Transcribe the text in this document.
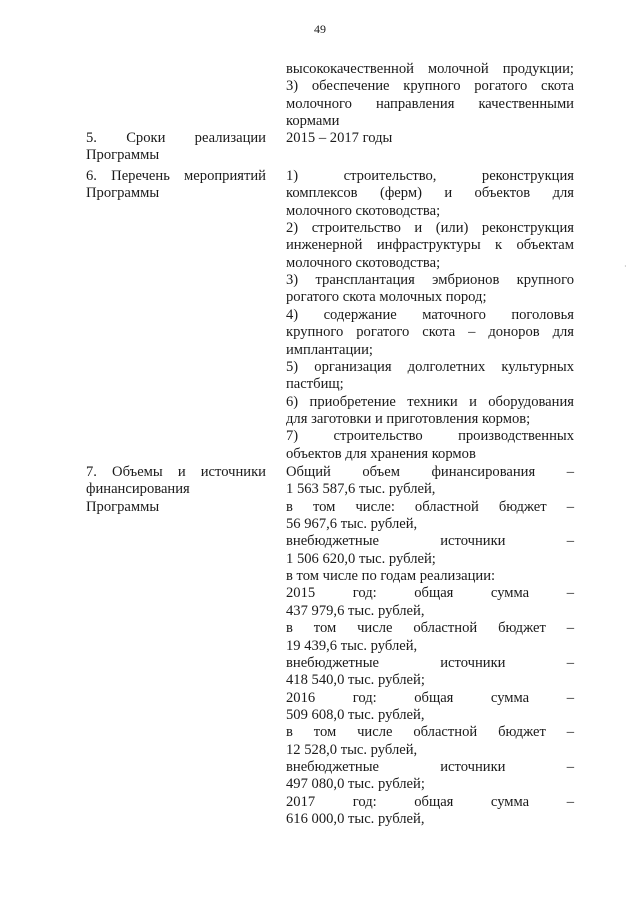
49
высококачественной молочной продукции;
3) обеспечение крупного рогатого скота
молочного направления качественными
кормами
5. Сроки реализации
Программы
2015 – 2017 годы
6. Перечень мероприятий
Программы
1) строительство, реконструкция
комплексов (ферм) и объектов для
молочного скотоводства;
2) строительство и (или) реконструкция
инженерной инфраструктуры к объектам
молочного скотоводства;
3) трансплантация эмбрионов крупного
рогатого скота молочных пород;
4) содержание маточного поголовья
крупного рогатого скота – доноров для
имплантации;
5) организация долголетних культурных
пастбищ;
6) приобретение техники и оборудования
для заготовки и приготовления кормов;
7) строительство производственных
объектов для хранения кормов
7. Объемы и источники
финансирования
Программы
Общий объем финансирования –
1 563 587,6 тыс. рублей,
в том числе: областной бюджет –
56 967,6 тыс. рублей,
внебюджетные источники –
1 506 620,0 тыс. рублей;
в том числе по годам реализации:
2015 год: общая сумма –
437 979,6 тыс. рублей,
в том числе областной бюджет –
19 439,6 тыс. рублей,
внебюджетные источники –
418 540,0 тыс. рублей;
2016 год: общая сумма –
509 608,0 тыс. рублей,
в том числе областной бюджет –
12 528,0 тыс. рублей,
внебюджетные источники –
497 080,0 тыс. рублей;
2017 год: общая сумма –
616 000,0 тыс. рублей,
·
